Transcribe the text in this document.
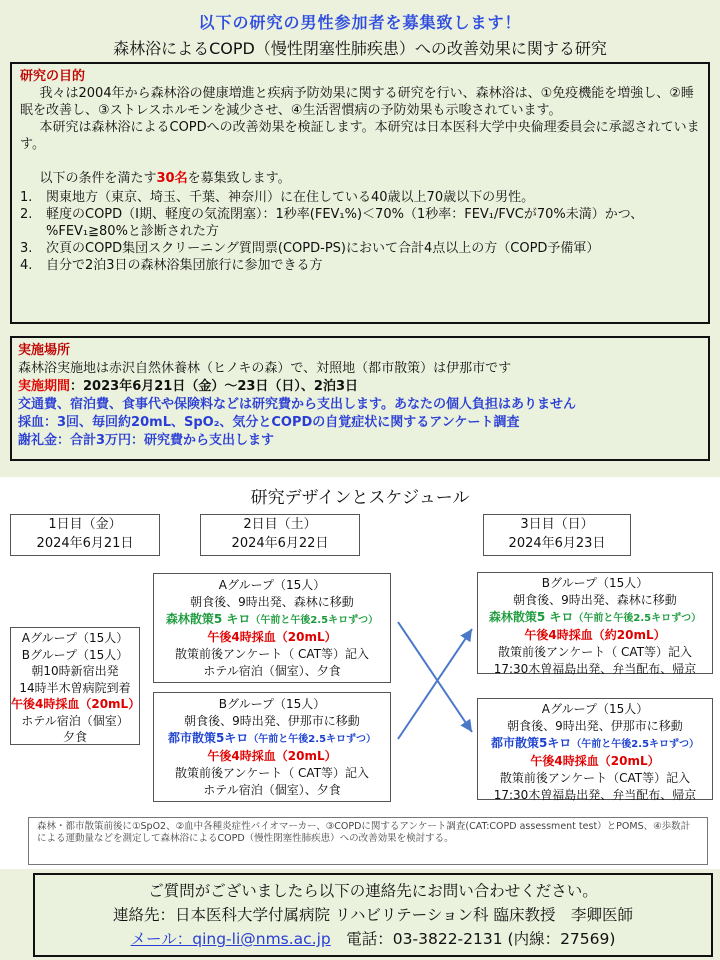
以下の研究の男性参加者を募集致します！
森林浴によるCOPD（慢性閉塞性肺疾患）への改善効果に関する研究
研究の目的

我々は2004年から森林浴の健康増進と疾病予防効果に関する研究を行い、森林浴は、①免疫機能を増強し、②睡眠を改善し、③ストレスホルモンを減少させ、④生活習慣病の予防効果も示唆されています。

本研究は森林浴によるCOPDへの改善効果を検証します。本研究は日本医科大学中央倫理委員会に承認されています。

以下の条件を満たす30名を募集致します。

1.	関東地方（東京、埼玉、千葉、神奈川）に在住している40歳以上70歳以下の男性。
2.	軽度のCOPD（Ⅰ期、軽度の気流閉塞）：1秒率(FEV₁%)＜70%（1秒率：FEV₁/FVCが70%未満）かつ、%FEV₁≧80%と診断された方
3.	次頁のCOPD集団スクリーニング質問票(COPD-PS)において合計4点以上の方（COPD予備軍）
4.	自分で2泊3日の森林浴集団旅行に参加できる方
実施場所
森林浴実施地は赤沢自然休養林（ヒノキの森）で、対照地（都市散策）は伊那市です
実施期間：2023年6月21日（金）～23日（日）、2泊3日
交通費、宿泊費、食事代や保険料などは研究費から支出します。あなたの個人負担はありません
採血：3回、毎回約20mL、SpO₂、気分とCOPDの自覚症状に関するアンケート調査
謝礼金：合計3万円：研究費から支出します
研究デザインとスケジュール
1日目（金）
2024年6月21日
2日目（土）
2024年6月22日
3日目（日）
2024年6月23日
Aグループ（15人）
Bグループ（15人）
朝10時新宿出発
14時半木曽病院到着
午後4時採血（20mL）
ホテル宿泊（個室）
夕食
Aグループ（15人）
朝食後、9時出発、森林に移動
森林散策5 キロ（午前と午後2.5キロずつ）
午後4時採血（20mL）
散策前後アンケート（ CAT等）記入
ホテル宿泊（個室）、夕食
Bグループ（15人）
朝食後、9時出発、伊那市に移動
都市散策5キロ（午前と午後2.5キロずつ）
午後4時採血（20mL）
散策前後アンケート（ CAT等）記入
ホテル宿泊（個室）、夕食
Bグループ（15人）
朝食後、9時出発、森林に移動
森林散策5 キロ（午前と午後2.5キロずつ）
午後4時採血（約20mL）
散策前後アンケート（ CAT等）記入
17:30木曽福島出発、弁当配布、帰京
Aグループ（15人）
朝食後、9時出発、伊那市に移動
都市散策5キロ（午前と午後2.5キロずつ）
午後4時採血（20mL）
散策前後アンケート（CAT等）記入
17:30木曽福島出発、弁当配布、帰京
森林・都市散策前後に①SpO2、②血中各種炎症性バイオマーカー、③COPDに関するアンケート調査(CAT:COPD assessment test）とPOMS、④歩数計による運動量などを測定して森林浴によるCOPD（慢性閉塞性肺疾患）への改善効果を検討する。
ご質問がございましたら以下の連絡先にお問い合わせください。
連絡先：日本医科大学付属病院 リハビリテーション科 臨床教授　李卿医師
メール：qing-li@nms.ac.jp　 電話：03-3822-2131 (内線：27569)
